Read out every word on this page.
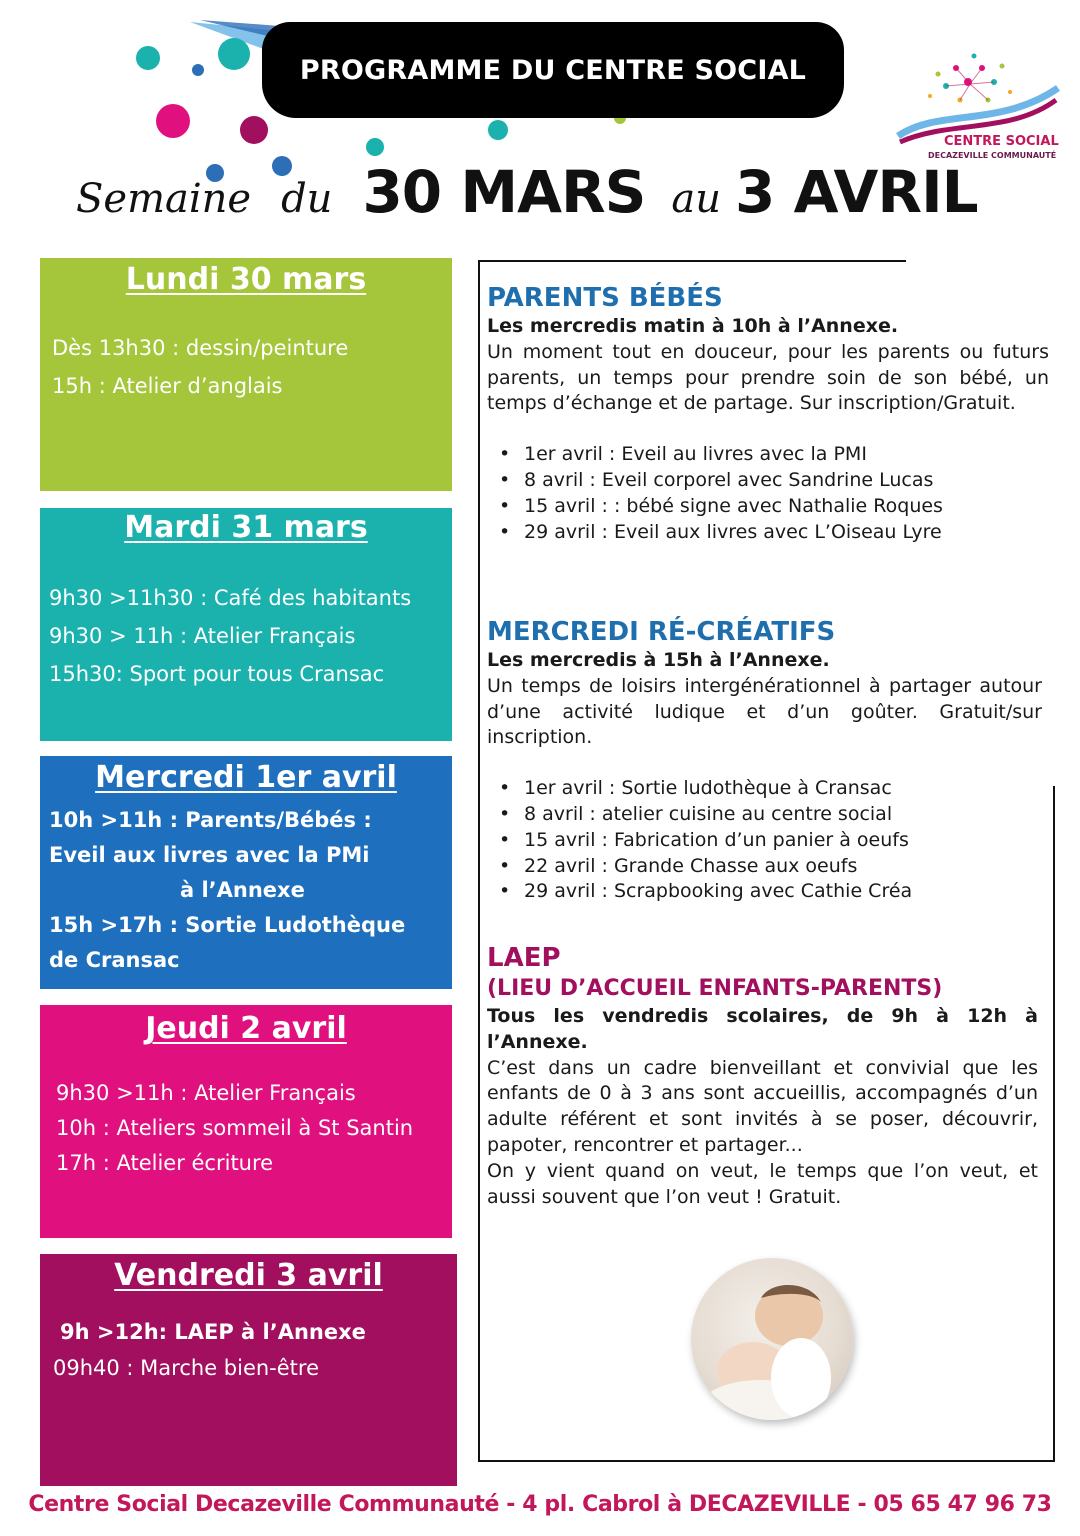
PROGRAMME DU CENTRE SOCIAL
CENTRE SOCIAL
DECAZEVILLE COMMUNAUTÉ
Semaine du 30 MARS au 3 AVRIL
Lundi 30 mars
Dès 13h30 : dessin/peinture
15h : Atelier d’anglais
Mardi 31 mars
9h30 >11h30 : Café des habitants
9h30 > 11h : Atelier Français
15h30: Sport pour tous Cransac
Mercredi 1er avril
10h >11h : Parents/Bébés :
Eveil aux livres avec la PMi
à l’Annexe
15h >17h : Sortie Ludothèque
de Cransac
Jeudi 2 avril
9h30 >11h : Atelier Français
10h : Ateliers sommeil à St Santin
17h : Atelier écriture
Vendredi 3 avril
9h >12h: LAEP à l’Annexe
09h40 : Marche bien-être
PARENTS BÉBÉS
Les mercredis matin à 10h à l’Annexe.
Un moment tout en douceur, pour les parents ou futurs parents, un temps pour prendre soin de son bébé, un temps d’échange et de partage. Sur inscription/Gratuit.
• 1er avril : Eveil au livres avec la PMI
• 8 avril : Eveil corporel avec Sandrine Lucas
• 15 avril : : bébé signe avec Nathalie Roques
• 29 avril : Eveil aux livres avec L’Oiseau Lyre
MERCREDI RÉ-CRÉATIFS
Les mercredis à 15h à l’Annexe.
Un temps de loisirs intergénérationnel à partager autour d’une activité ludique et d’un goûter. Gratuit/sur inscription.
• 1er avril : Sortie ludothèque à Cransac
• 8 avril : atelier cuisine au centre social
• 15 avril : Fabrication d’un panier à oeufs
• 22 avril : Grande Chasse aux oeufs
• 29 avril : Scrapbooking avec Cathie Créa
LAEP
(LIEU D’ACCUEIL ENFANTS-PARENTS)
Tous les vendredis scolaires, de 9h à 12h à l’Annexe.
C’est dans un cadre bienveillant et convivial que les enfants de 0 à 3 ans sont accueillis, accompagnés d’un adulte référent et sont invités à se poser, découvrir, papoter, rencontrer et partager...
On y vient quand on veut, le temps que l’on veut, et aussi souvent que l’on veut ! Gratuit.
Centre Social Decazeville Communauté - 4 pl. Cabrol à DECAZEVILLE - 05 65 47 96 73
